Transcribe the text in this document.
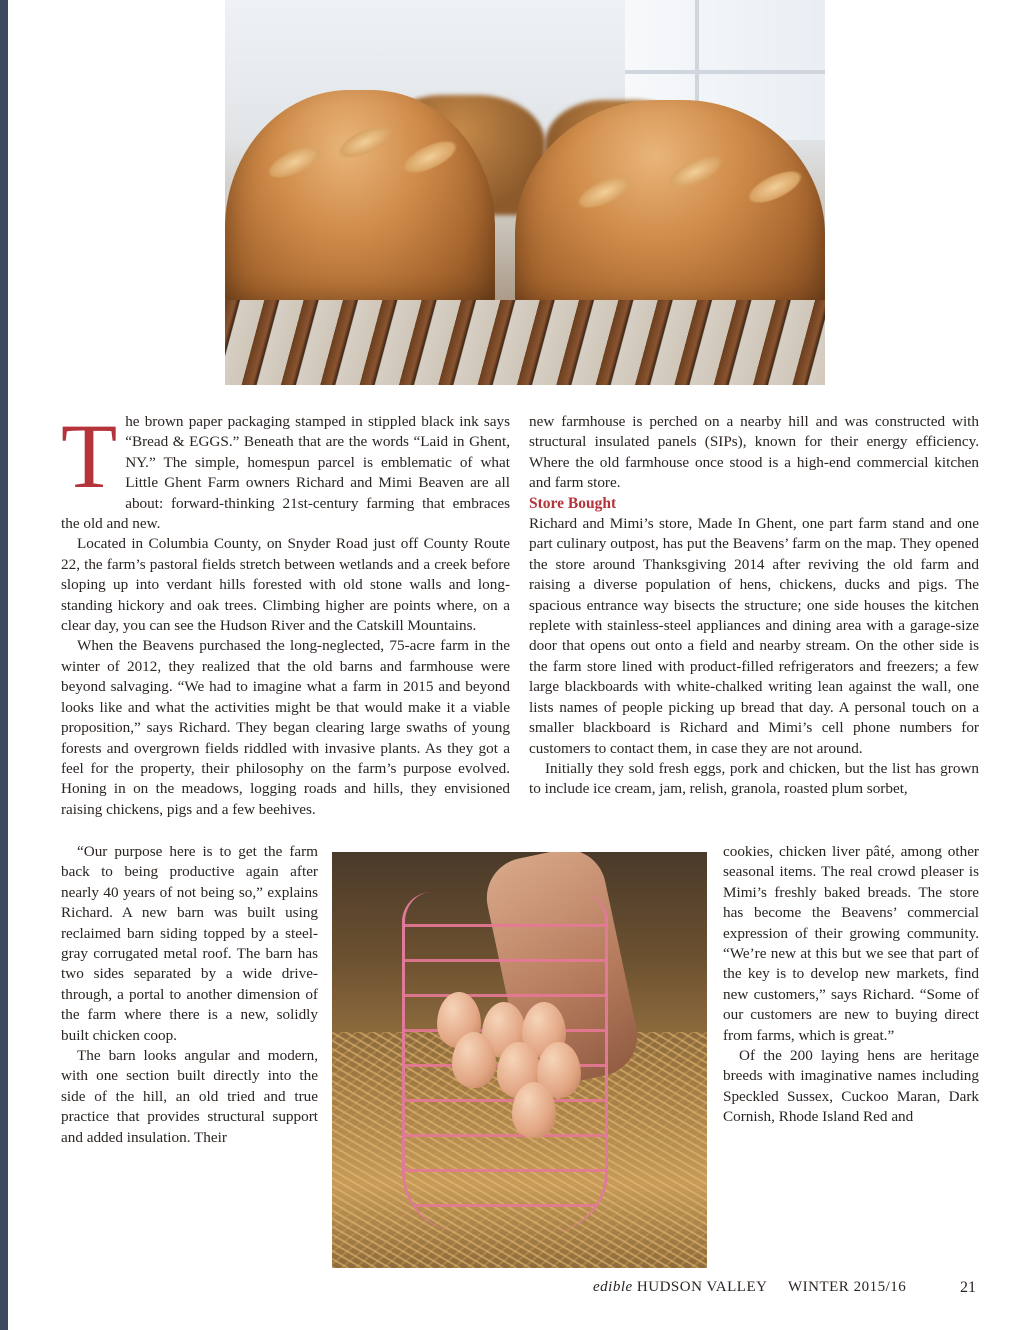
The brown paper packaging stamped in stippled black ink says “Bread & EGGS.” Beneath that are the words “Laid in Ghent, NY.” The simple, homespun parcel is emblematic of what Little Ghent Farm owners Richard and Mimi Beaven are all about: forward-thinking 21st-century farming that embraces the old and new.

Located in Columbia County, on Snyder Road just off County Route 22, the farm’s pastoral fields stretch between wetlands and a creek before sloping up into verdant hills forested with old stone walls and long-standing hickory and oak trees. Climbing higher are points where, on a clear day, you can see the Hudson River and the Catskill Mountains.

When the Beavens purchased the long-neglected, 75-acre farm in the winter of 2012, they realized that the old barns and farmhouse were beyond salvaging. “We had to imagine what a farm in 2015 and beyond looks like and what the activities might be that would make it a viable proposition,” says Richard. They began clearing large swaths of young forests and overgrown fields riddled with invasive plants. As they got a feel for the property, their philosophy on the farm’s purpose evolved. Honing in on the meadows, logging roads and hills, they envisioned raising chickens, pigs and a few beehives.

“Our purpose here is to get the farm back to being productive again after nearly 40 years of not being so,” explains Richard. A new barn was built using reclaimed barn siding topped by a steel-gray corrugated metal roof. The barn has two sides separated by a wide drive-through, a portal to another dimension of the farm where there is a new, solidly built chicken coop.

The barn looks angular and modern, with one section built directly into the side of the hill, an old tried and true practice that provides structural support and added insulation. Their

new farmhouse is perched on a nearby hill and was constructed with structural insulated panels (SIPs), known for their energy efficiency. Where the old farmhouse once stood is a high-end commercial kitchen and farm store.

Store Bought

Richard and Mimi’s store, Made In Ghent, one part farm stand and one part culinary outpost, has put the Beavens’ farm on the map. They opened the store around Thanksgiving 2014 after reviving the old farm and raising a diverse population of hens, chickens, ducks and pigs. The spacious entrance way bisects the structure; one side houses the kitchen replete with stainless-steel appliances and dining area with a garage-size door that opens out onto a field and nearby stream. On the other side is the farm store lined with product-filled refrigerators and freezers; a few large blackboards with white-chalked writing lean against the wall, one lists names of people picking up bread that day. A personal touch on a smaller blackboard is Richard and Mimi’s cell phone numbers for customers to contact them, in case they are not around.

Initially they sold fresh eggs, pork and chicken, but the list has grown to include ice cream, jam, relish, granola, roasted plum sorbet,

cookies, chicken liver pâté, among other seasonal items. The real crowd pleaser is Mimi’s freshly baked breads. The store has become the Beavens’ commercial expression of their growing community. “We’re new at this but we see that part of the key is to develop new markets, find new customers,” says Richard. “Some of our customers are new to buying direct from farms, which is great.”

Of the 200 laying hens are heritage breeds with imaginative names including Speckled Sussex, Cuckoo Maran, Dark Cornish, Rhode Island Red and

edible HUDSON VALLEY WINTER 2015/16	21
